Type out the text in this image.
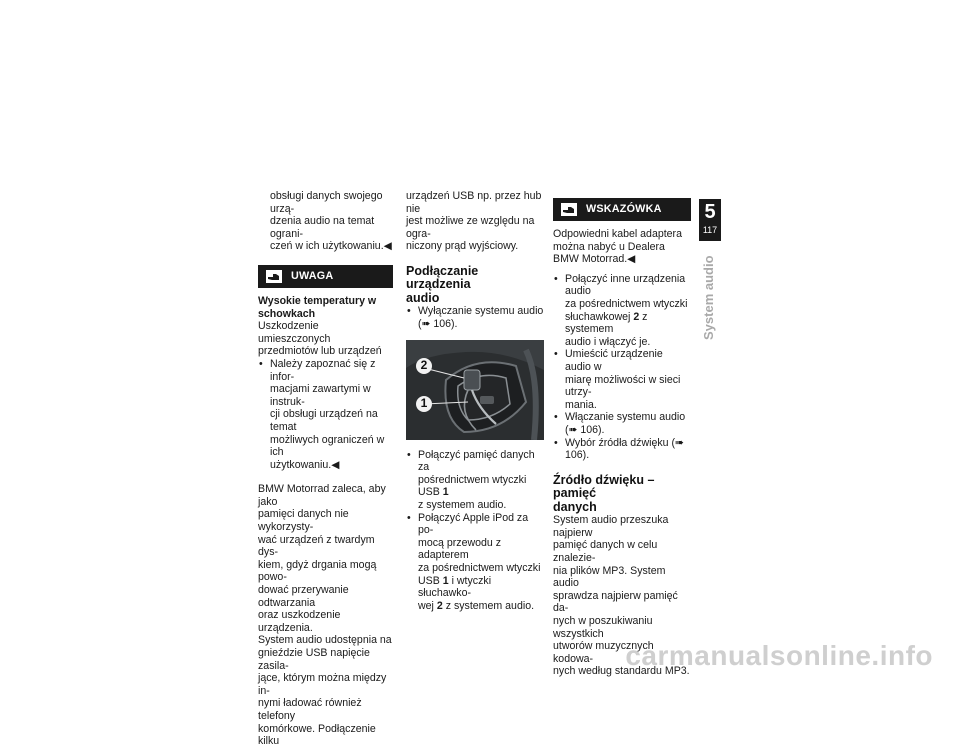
obsługi danych swojego urzą-

dzenia audio na temat ograni-

czeń w ich użytkowaniu.◀

UWAGA

Wysokie temperatury w

schowkach

Uszkodzenie umieszczonych

przedmiotów lub urządzeń

• Należy zapoznać się z infor-

macjami zawartymi w instruk-

cji obsługi urządzeń na temat

możliwych ograniczeń w ich

użytkowaniu.◀

BMW Motorrad zaleca, aby jako

pamięci danych nie wykorzysty-

wać urządzeń z twardym dys-

kiem, gdyż drgania mogą powo-

dować przerywanie odtwarzania

oraz uszkodzenie urządzenia.

System audio udostępnia na

gnieździe USB napięcie zasila-

jące, którym można między in-

nymi ładować również telefony

komórkowe. Podłączenie kilku

urządzeń USB np. przez hub nie

jest możliwe ze względu na ogra-

niczony prąd wyjściowy.

Podłączanie urządzenia
audio

• Wyłączanie systemu audio

(➠ 106).

2
1

• Połączyć pamięć danych za

pośrednictwem wtyczki USB 1

z systemem audio.

• Połączyć Apple iPod za po-

mocą przewodu z adapterem

za pośrednictwem wtyczki

USB 1 i wtyczki słuchawko-

wej 2 z systemem audio.

WSKAZÓWKA

Odpowiedni kabel adaptera

można nabyć u Dealera

BMW Motorrad.◀

• Połączyć inne urządzenia audio

za pośrednictwem wtyczki

słuchawkowej 2 z systemem

audio i włączyć je.

• Umieścić urządzenie audio w

miarę możliwości w sieci utrzy-

mania.

• Włączanie systemu audio

(➠ 106).

• Wybór źródła dźwięku (➠ 106).

Źródło dźwięku – pamięć
danych

System audio przeszuka najpierw

pamięć danych w celu znalezie-

nia plików MP3. System audio

sprawdza najpierw pamięć da-

nych w poszukiwaniu wszystkich

utworów muzycznych kodowa-

nych według standardu MP3.

5
117
System audio
carmanualsonline.info
